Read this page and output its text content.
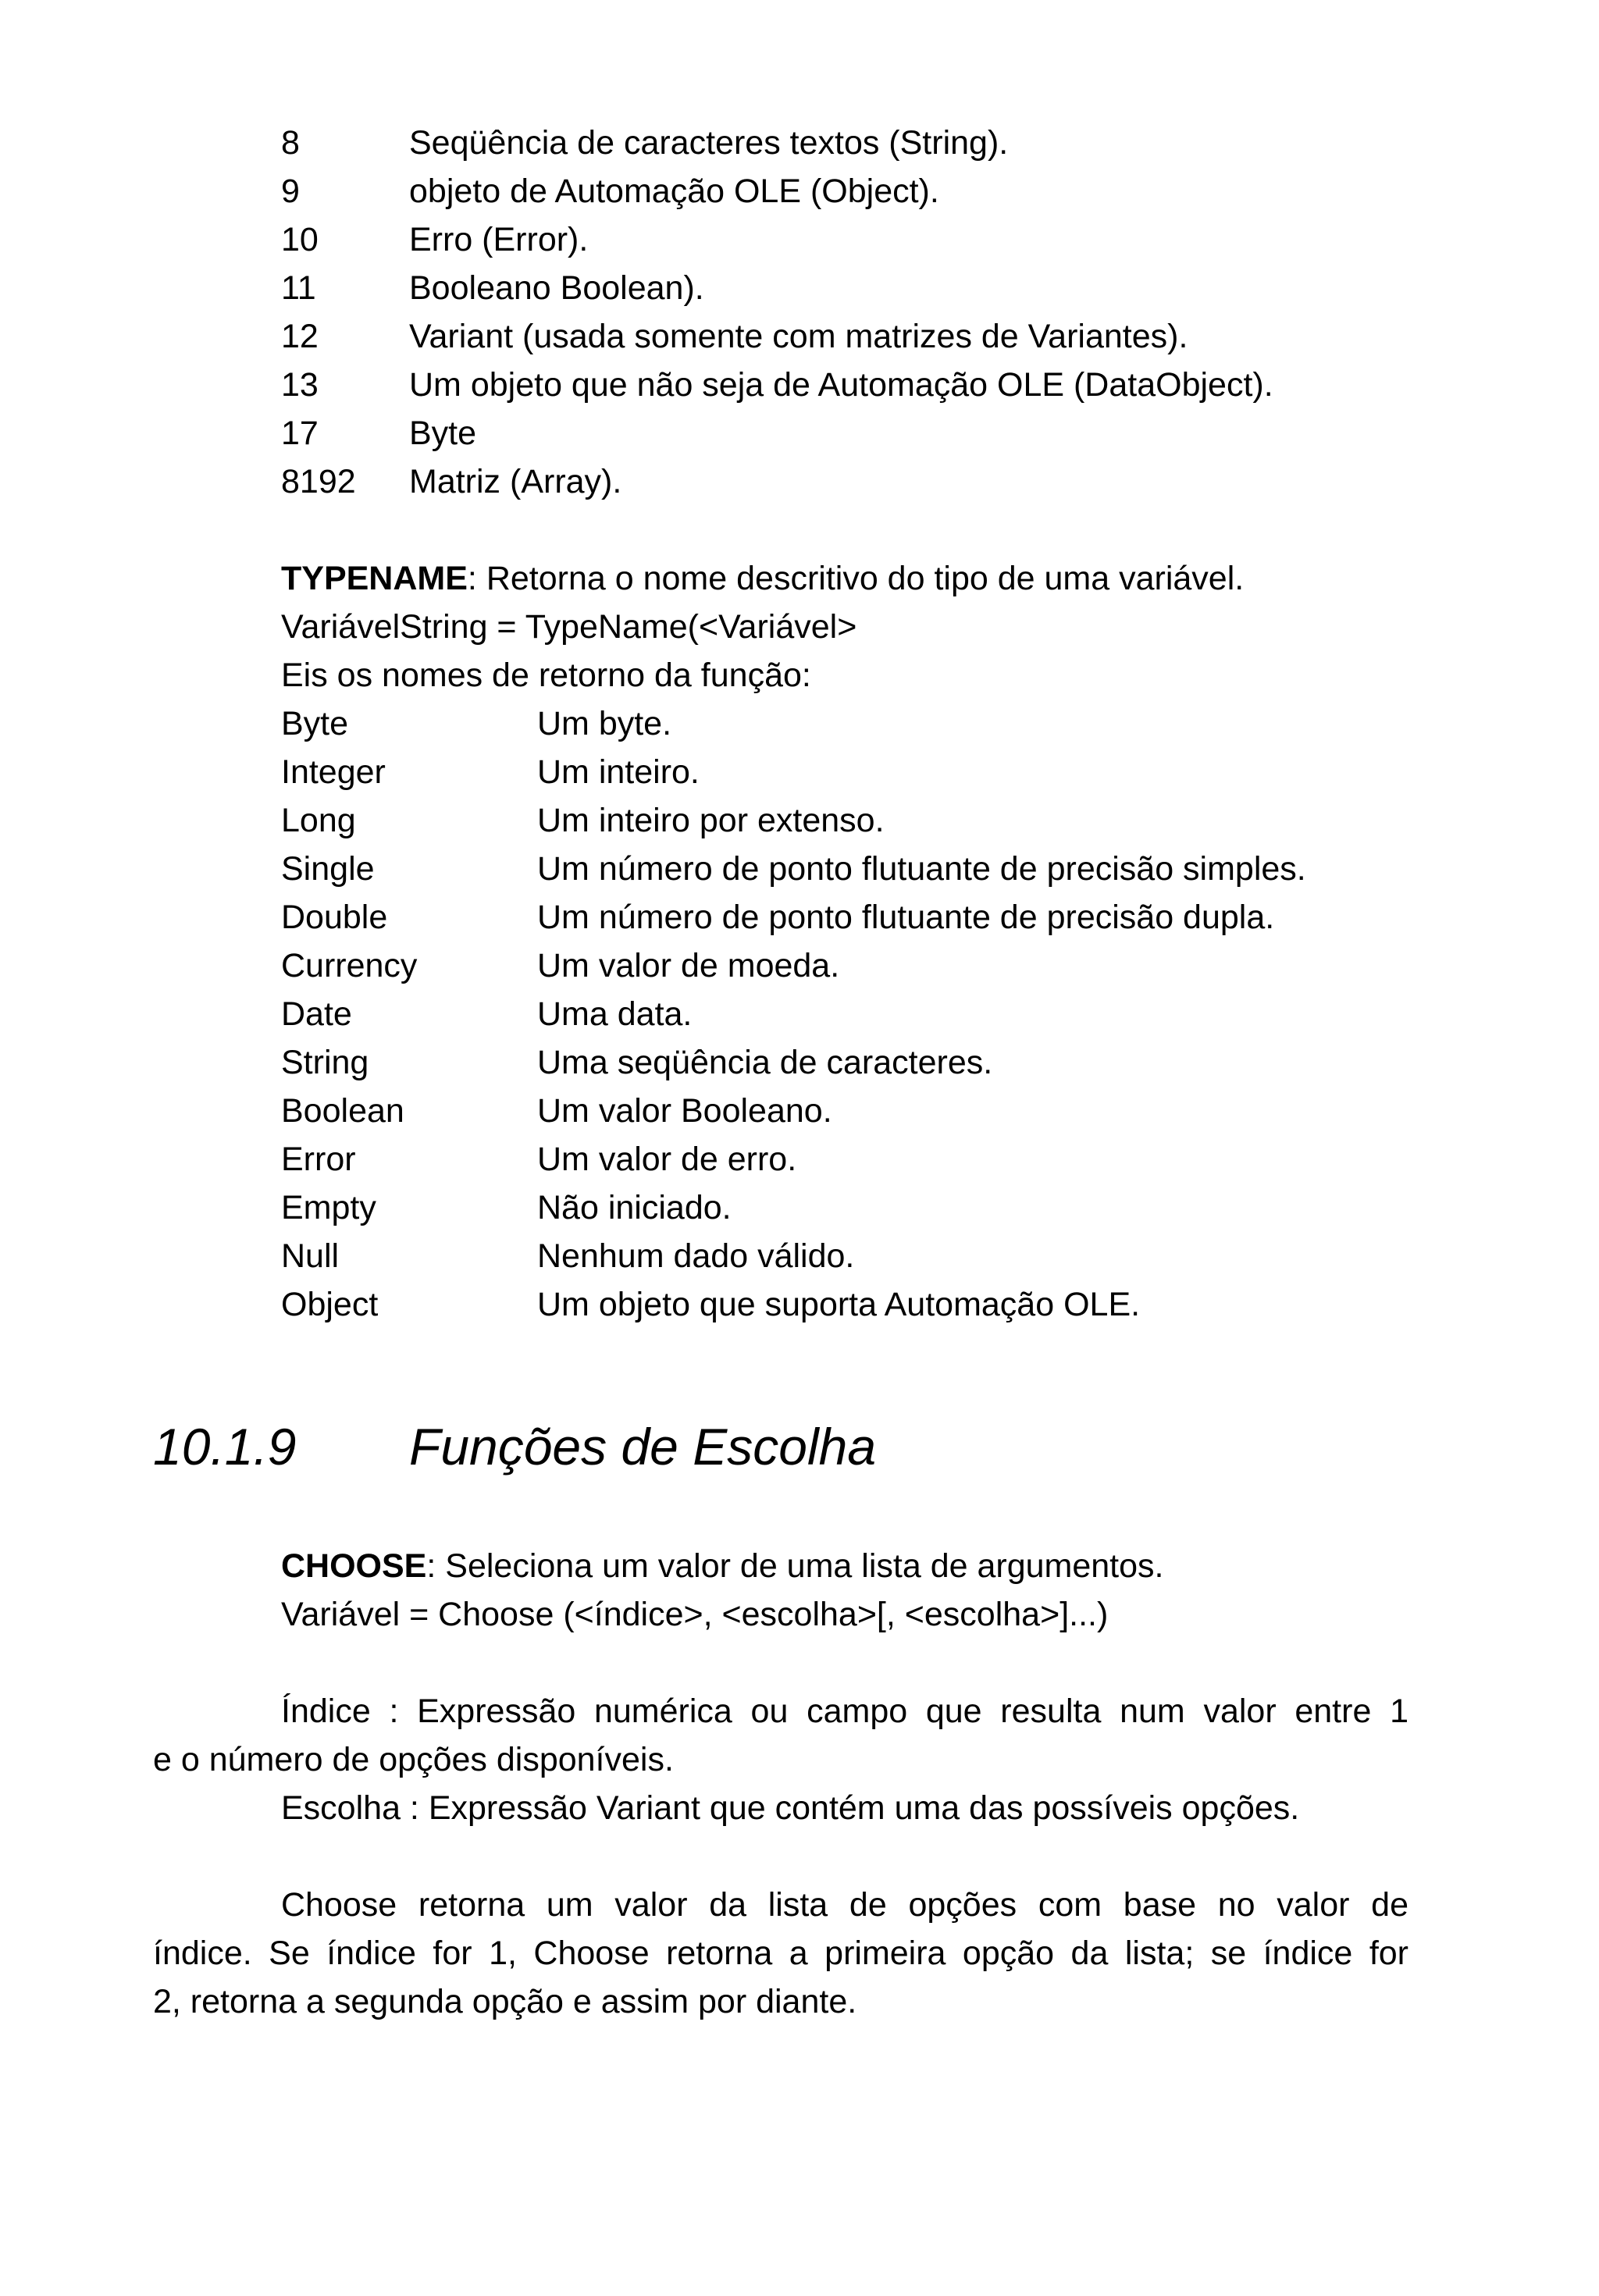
8	Seqüência de caracteres textos (String).
9	objeto de Automação OLE (Object).
10	Erro (Error).
11	Booleano Boolean).
12	Variant (usada somente com matrizes de Variantes).
13	Um objeto que não seja de Automação OLE (DataObject).
17	Byte
8192 Matriz (Array).
TYPENAME: Retorna o nome descritivo do tipo de uma variável.
VariávelString = TypeName(<Variável>
Eis os nomes de retorno da função:
Byte	Um byte.
Integer	Um inteiro.
Long	Um inteiro por extenso.
Single	Um número de ponto flutuante de precisão simples.
Double	Um número de ponto flutuante de precisão dupla.
Currency	Um valor de moeda.
Date	Uma data.
String	Uma seqüência de caracteres.
Boolean	Um valor Booleano.
Error	Um valor de erro.
Empty	Não iniciado.
Null	Nenhum dado válido.
Object	Um objeto que suporta Automação OLE.
10.1.9 Funções de Escolha
CHOOSE: Seleciona um valor de uma lista de argumentos.
Variável = Choose (<índice>, <escolha>[, <escolha>]...)
Índice : Expressão numérica ou campo que resulta num valor entre 1
e o número de opções disponíveis.
Escolha : Expressão Variant que contém uma das possíveis opções.
Choose retorna um valor da lista de opções com base no valor de
índice. Se índice for 1, Choose retorna a primeira opção da lista; se índice for
2, retorna a segunda opção e assim por diante.
